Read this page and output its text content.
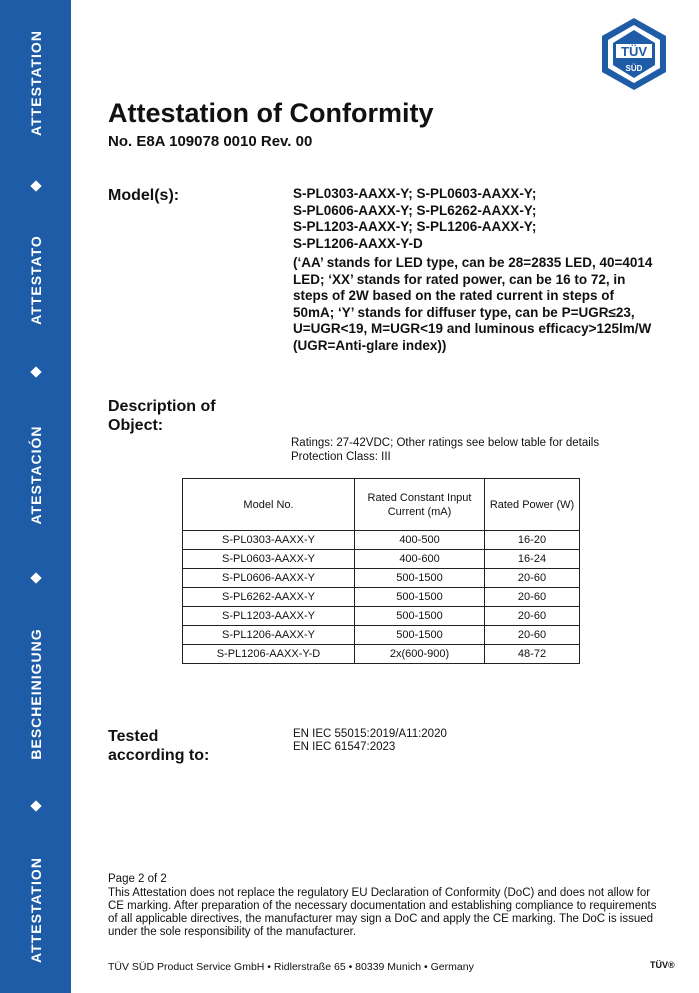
ATTESTATION
ATTESTATO
ATESTACIÓN
BESCHEINIGUNG
ATTESTATION
TÜV
SÜD
Attestation of Conformity
No. E8A 109078 0010 Rev. 00
Model(s):	S-PL0303-AAXX-Y; S-PL0603-AAXX-Y;
S-PL0606-AAXX-Y; S-PL6262-AAXX-Y;
S-PL1203-AAXX-Y; S-PL1206-AAXX-Y;
S-PL1206-AAXX-Y-D
(‘AA’ stands for LED type, can be 28=2835 LED, 40=4014 LED; ‘XX’ stands for rated power, can be 16 to 72, in steps of 2W based on the rated current in steps of 50mA; ‘Y’ stands for diffuser type, can be P=UGR≤23, U=UGR<19, M=UGR<19 and luminous efficacy>125lm/W (UGR=Anti-glare index))
Description of
Object:
Ratings: 27-42VDC; Other ratings see below table for details
Protection Class: III
Model No.	Rated Constant Input Current (mA)	Rated Power (W)
S-PL0303-AAXX-Y	400-500	16-20
S-PL0603-AAXX-Y	400-600	16-24
S-PL0606-AAXX-Y	500-1500	20-60
S-PL6262-AAXX-Y	500-1500	20-60
S-PL1203-AAXX-Y	500-1500	20-60
S-PL1206-AAXX-Y	500-1500	20-60
S-PL1206-AAXX-Y-D	2x(600-900)	48-72
Tested
according to:
EN IEC 55015:2019/A11:2020
EN IEC 61547:2023
Page 2 of 2
This Attestation does not replace the regulatory EU Declaration of Conformity (DoC) and does not allow for CE marking. After preparation of the necessary documentation and establishing compliance to requirements of all applicable directives, the manufacturer may sign a DoC and apply the CE marking. The DoC is issued under the sole responsibility of the manufacturer.
TÜV SÜD Product Service GmbH • Ridlerstraße 65 • 80339 Munich • Germany	TÜV®
